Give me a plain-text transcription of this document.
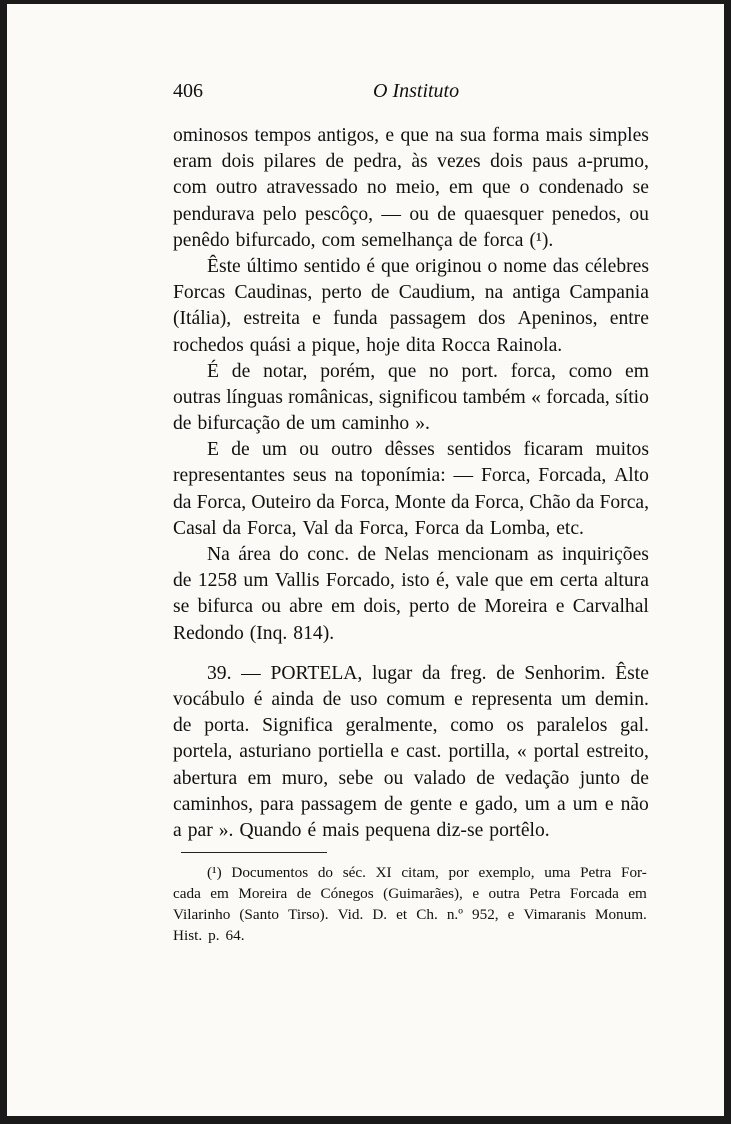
406	O Instituto
ominosos tempos antigos, e que na sua forma mais simples
eram dois pilares de pedra, às vezes dois paus a-prumo,
com outro atravessado no meio, em que o condenado se
pendurava pelo pescôço, — ou de quaesquer penedos, ou
penêdo bifurcado, com semelhança de forca (¹).
Êste último sentido é que originou o nome das célebres
Forcas Caudinas, perto de Caudium, na antiga Campania
(Itália), estreita e funda passagem dos Apeninos, entre
rochedos quási a pique, hoje dita Rocca Rainola.
É de notar, porém, que no port. forca, como em
outras línguas românicas, significou também « forcada, sítio
de bifurcação de um caminho ».
E de um ou outro dêsses sentidos ficaram muitos
representantes seus na toponímia: — Forca, Forcada, Alto
da Forca, Outeiro da Forca, Monte da Forca, Chão da Forca,
Casal da Forca, Val da Forca, Forca da Lomba, etc.
Na área do conc. de Nelas mencionam as inquirições
de 1258 um Vallis Forcado, isto é, vale que em certa altura
se bifurca ou abre em dois, perto de Moreira e Carvalhal
Redondo (Inq. 814).
39. — PORTELA, lugar da freg. de Senhorim. Êste
vocábulo é ainda de uso comum e representa um demin.
de porta. Significa geralmente, como os paralelos gal.
portela, asturiano portiella e cast. portilla, « portal estreito,
abertura em muro, sebe ou valado de vedação junto de
caminhos, para passagem de gente e gado, um a um e não
a par ». Quando é mais pequena diz-se portêlo.
(¹) Documentos do séc. XI citam, por exemplo, uma Petra For-
cada em Moreira de Cónegos (Guimarães), e outra Petra Forcada em
Vilarinho (Santo Tirso). Vid. D. et Ch. n.º 952, e Vimaranis Monum.
Hist. p. 64.
